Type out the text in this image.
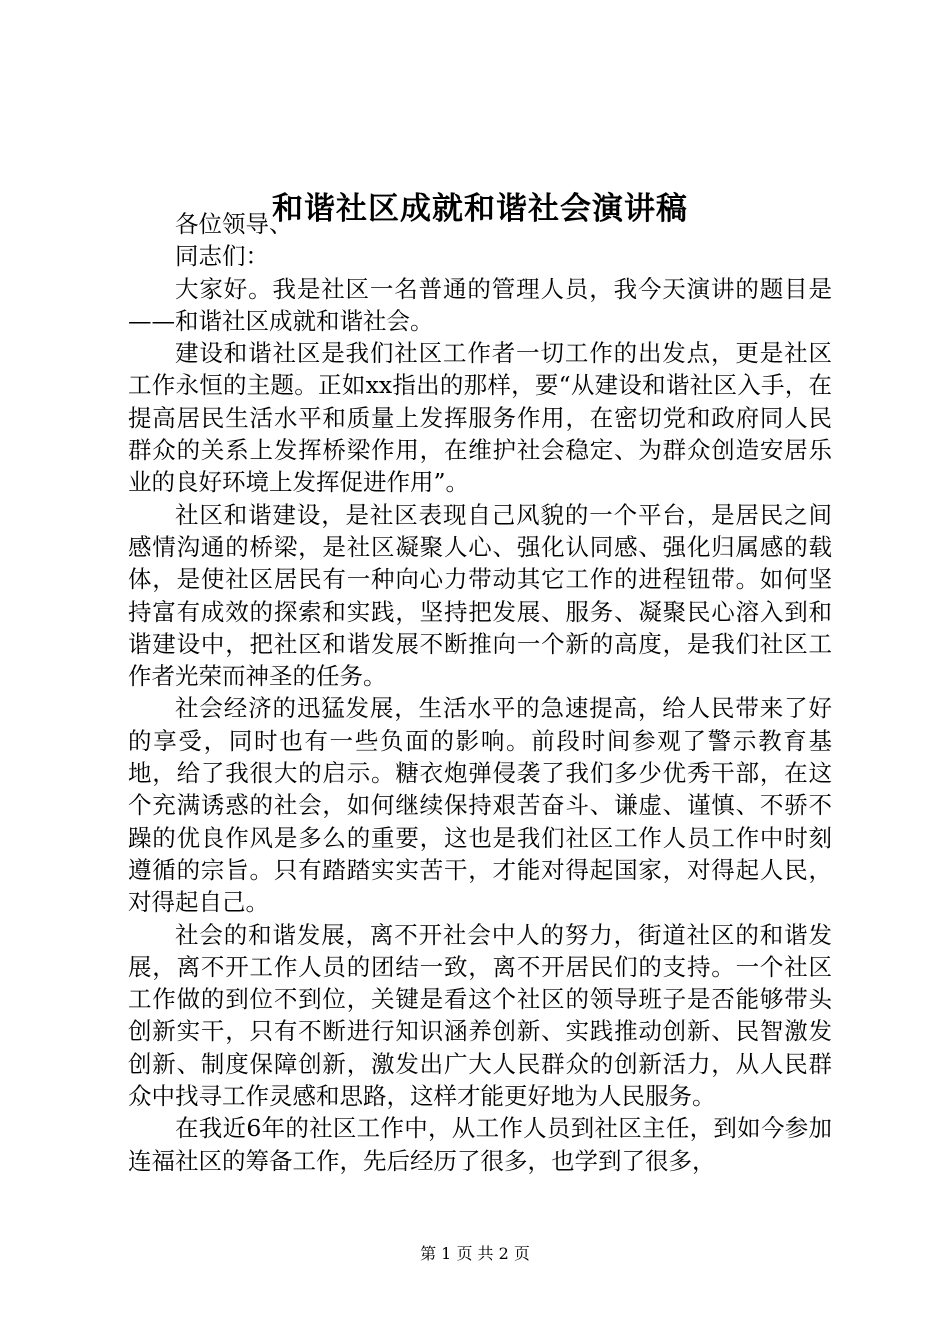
和谐社区成就和谐社会演讲稿

各位领导、

同志们：

大家好。我是社区一名普通的管理人员，我今天演讲的题目是——和谐社区成就和谐社会。

建设和谐社区是我们社区工作者一切工作的出发点，更是社区工作永恒的主题。正如xx指出的那样，要“从建设和谐社区入手，在提高居民生活水平和质量上发挥服务作用，在密切党和政府同人民群众的关系上发挥桥梁作用，在维护社会稳定、为群众创造安居乐业的良好环境上发挥促进作用”。

社区和谐建设，是社区表现自己风貌的一个平台，是居民之间感情沟通的桥梁，是社区凝聚人心、强化认同感、强化归属感的载体，是使社区居民有一种向心力带动其它工作的进程钮带。如何坚持富有成效的探索和实践，坚持把发展、服务、凝聚民心溶入到和谐建设中，把社区和谐发展不断推向一个新的高度，是我们社区工作者光荣而神圣的任务。

社会经济的迅猛发展，生活水平的急速提高，给人民带来了好的享受，同时也有一些负面的影响。前段时间参观了警示教育基地，给了我很大的启示。糖衣炮弹侵袭了我们多少优秀干部，在这个充满诱惑的社会，如何继续保持艰苦奋斗、谦虚、谨慎、不骄不躁的优良作风是多么的重要，这也是我们社区工作人员工作中时刻遵循的宗旨。只有踏踏实实苦干，才能对得起国家，对得起人民，对得起自己。

社会的和谐发展，离不开社会中人的努力，街道社区的和谐发展，离不开工作人员的团结一致，离不开居民们的支持。一个社区工作做的到位不到位，关键是看这个社区的领导班子是否能够带头创新实干，只有不断进行知识涵养创新、实践推动创新、民智激发创新、制度保障创新，激发出广大人民群众的创新活力，从人民群众中找寻工作灵感和思路，这样才能更好地为人民服务。

在我近6年的社区工作中，从工作人员到社区主任，到如今参加连福社区的筹备工作，先后经历了很多，也学到了很多，

第 1 页 共 2 页
